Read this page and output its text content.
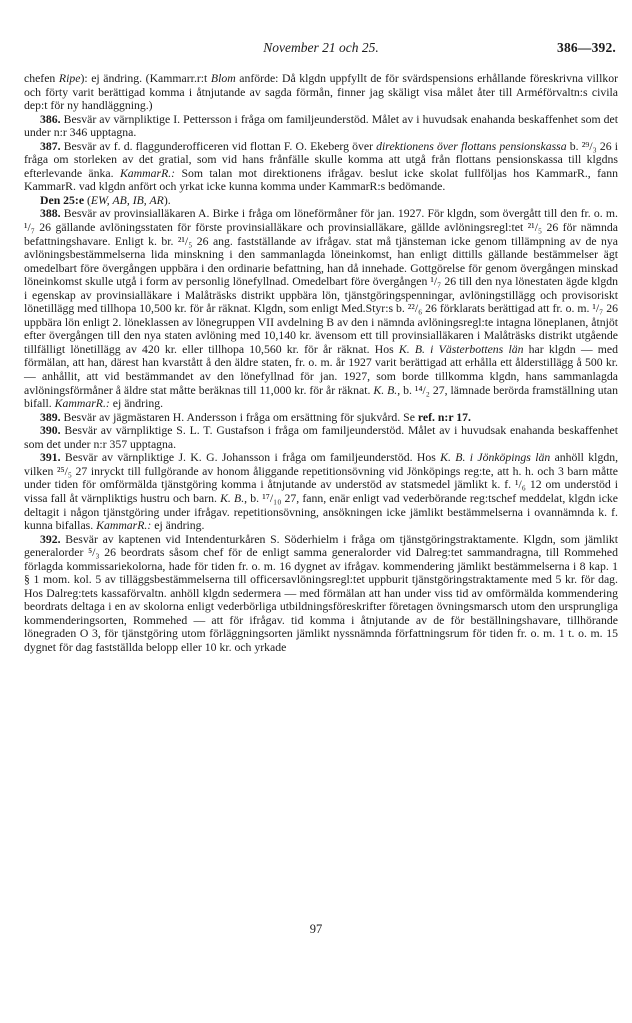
November 21 och 25.	386—392.

chefen Ripe): ej ändring. (Kammarr.r:t Blom anförde: Då klgdn uppfyllt de för svärdspensions erhållande föreskrivna villkor och förty varit berättigad komma i åtnjutande av sagda förmån, finner jag skäligt visa målet åter till Arméförvaltn:s civila dep:t för ny handläggning.)

386. Besvär av värnpliktige I. Pettersson i fråga om familjeunderstöd. Målet av i huvudsak enahanda beskaffenhet som det under n:r 346 upptagna.

387. Besvär av f. d. flaggunderofficeren vid flottan F. O. Ekeberg över direktionens över flottans pensionskassa b. ²⁹/₃ 26 i fråga om storleken av det gratial, som vid hans frånfälle skulle komma att utgå från flottans pensionskassa till klgdns efterlevande änka. KammarR.: Som talan mot direktionens ifrågav. beslut icke skolat fullföljas hos KammarR., fann KammarR. vad klgdn anfört och yrkat icke kunna komma under KammarR:s bedömande.

Den 25:e (EW, AB, IB, AR).

388. Besvär av provinsialläkaren A. Birke i fråga om löneförmåner för jan. 1927. För klgdn, som övergått till den fr. o. m. ¹/₇ 26 gällande avlöningsstaten för förste provinsialläkare och provinsialläkare, gällde avlöningsregl:tet ²¹/₅ 26 för nämnda befattningshavare. Enligt k. br. ²¹/₅ 26 ang. fastställande av ifrågav. stat må tjänsteman icke genom tillämpning av de nya avlöningsbestämmelserna lida minskning i den sammanlagda löneinkomst, han enligt dittills gällande bestämmelser ägt omedelbart före övergången uppbära i den ordinarie befattning, han då innehade. Gottgörelse för genom övergången minskad löneinkomst skulle utgå i form av personlig lönefyllnad. Omedelbart före övergången ¹/₇ 26 till den nya lönestaten ägde klgdn i egenskap av provinsialläkare i Malåträsks distrikt uppbära lön, tjänstgöringspenningar, avlöningstillägg och provisoriskt lönetillägg med tillhopa 10,500 kr. för år räknat. Klgdn, som enligt Med.Styr:s b. ²²/₆ 26 förklarats berättigad att fr. o. m. ¹/₇ 26 uppbära lön enligt 2. löneklassen av lönegruppen VII avdelning B av den i nämnda avlöningsregl:te intagna löneplanen, åtnjöt efter övergången till den nya staten avlöning med 10,140 kr. ävensom ett till provinsialläkaren i Malåträsks distrikt utgående tillfälligt lönetillägg av 420 kr. eller tillhopa 10,560 kr. för år räknat. Hos K. B. i Västerbottens län har klgdn — med förmälan, att han, därest han kvarstått å den äldre staten, fr. o. m. år 1927 varit berättigad att erhålla ett ålderstillägg å 500 kr. — anhållit, att vid bestämmandet av den lönefyllnad för jan. 1927, som borde tillkomma klgdn, hans sammanlagda avlöningsförmåner å äldre stat måtte beräknas till 11,000 kr. för år räknat. K. B., b. ¹⁴/₂ 27, lämnade berörda framställning utan bifall. KammarR.: ej ändring.

389. Besvär av jägmästaren H. Andersson i fråga om ersättning för sjukvård. Se ref. n:r 17.

390. Besvär av värnpliktige S. L. T. Gustafson i fråga om familjeunderstöd. Målet av i huvudsak enahanda beskaffenhet som det under n:r 357 upptagna.

391. Besvär av värnpliktige J. K. G. Johansson i fråga om familjeunderstöd. Hos K. B. i Jönköpings län anhöll klgdn, vilken ²⁵/₅ 27 inryckt till fullgörande av honom åliggande repetitionsövning vid Jönköpings reg:te, att h. h. och 3 barn måtte under tiden för omförmälda tjänstgöring komma i åtnjutande av understöd av statsmedel jämlikt k. f. ¹/₆ 12 om understöd i vissa fall åt värnpliktigs hustru och barn. K. B., b. ¹⁷/₁₀ 27, fann, enär enligt vad vederbörande reg:tschef meddelat, klgdn icke deltagit i någon tjänstgöring under ifrågav. repetitionsövning, ansökningen icke jämlikt bestämmelserna i ovannämnda k. f. kunna bifallas. KammarR.: ej ändring.

392. Besvär av kaptenen vid Intendenturkåren S. Söderhielm i fråga om tjänstgöringstraktamente. Klgdn, som jämlikt generalorder ⁵/₃ 26 beordrats såsom chef för de enligt samma generalorder vid Dalreg:tet sammandragna, till Rommehed förlagda kommissariekolorna, hade för tiden fr. o. m. 16 dygnet av ifrågav. kommendering jämlikt bestämmelserna i 8 kap. 1 § 1 mom. kol. 5 av tilläggsbestämmelserna till officersavlöningsregl:tet uppburit tjänstgöringstraktamente med 5 kr. för dag. Hos Dalreg:tets kassaförvaltn. anhöll klgdn sedermera — med förmälan att han under viss tid av omförmälda kommendering beordrats deltaga i en av skolorna enligt vederbörliga utbildningsföreskrifter företagen övningsmarsch utom den ursprungliga kommenderingsorten, Rommehed — att för ifrågav. tid komma i åtnjutande av de för beställningshavare, tillhörande lönegraden O 3, för tjänstgöring utom förläggningsorten jämlikt nyssnämnda författningsrum för tiden fr. o. m. 1 t. o. m. 15 dygnet för dag fastställda belopp eller 10 kr. och yrkade

97
